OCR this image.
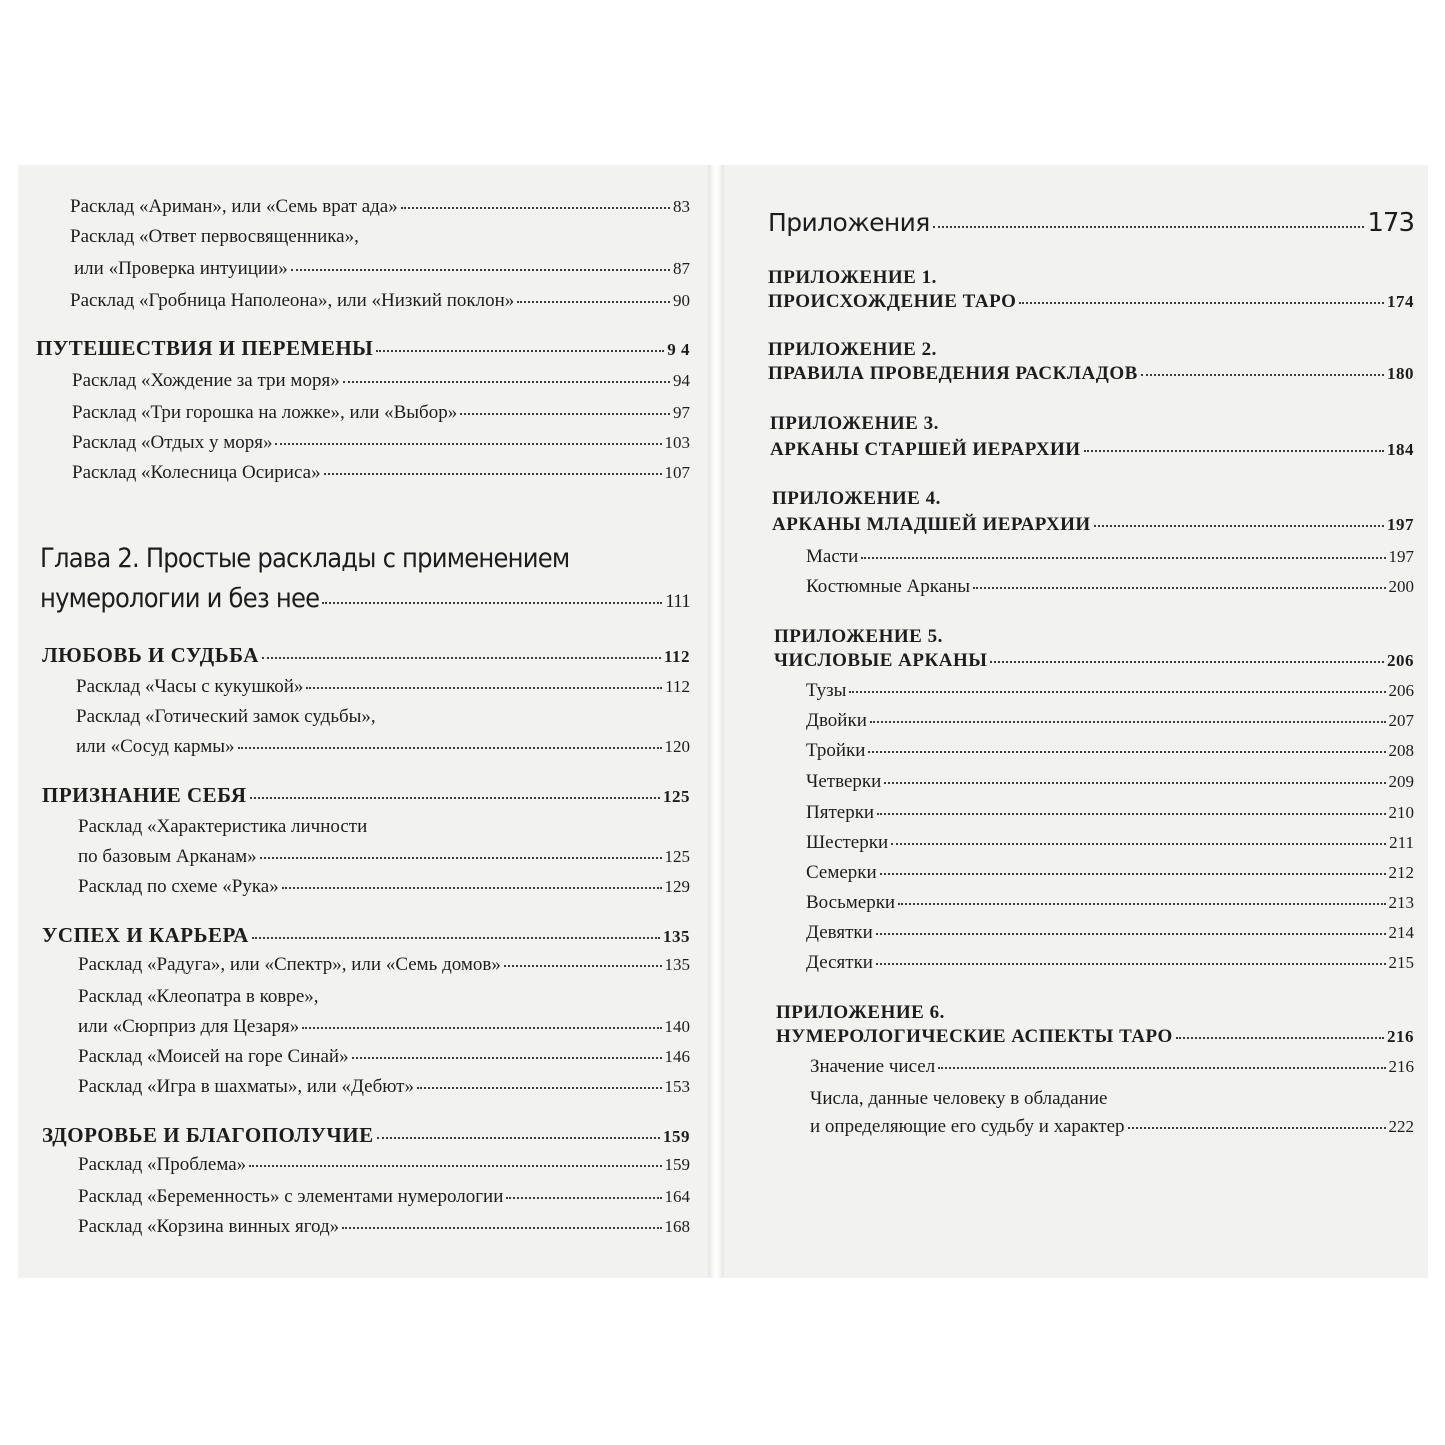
Расклад «Ариман», или «Семь врат ада»	83
Расклад «Ответ первосвященника»,
или «Проверка интуиции»	87
Расклад «Гробница Наполеона», или «Низкий поклон»	90
ПУТЕШЕСТВИЯ И ПЕРЕМЕНЫ	9 4
Расклад «Хождение за три моря»	94
Расклад «Три горошка на ложке», или «Выбор»	97
Расклад «Отдых у моря»	103
Расклад «Колесница Осириса»	107
Глава 2. Простые расклады с применением
нумерологии и без нее	111
ЛЮБОВЬ И СУДЬБА	112
Расклад «Часы с кукушкой»	112
Расклад «Готический замок судьбы»,
или «Сосуд кармы»	120
ПРИЗНАНИЕ СЕБЯ	125
Расклад «Характеристика личности
по базовым Арканам»	125
Расклад по схеме «Рука»	129
УСПЕХ И КАРЬЕРА	135
Расклад «Радуга», или «Спектр», или «Семь домов»	135
Расклад «Клеопатра в ковре»,
или «Сюрприз для Цезаря»	140
Расклад «Моисей на горе Синай»	146
Расклад «Игра в шахматы», или «Дебют»	153
ЗДОРОВЬЕ И БЛАГОПОЛУЧИЕ	159
Расклад «Проблема»	159
Расклад «Беременность» с элементами нумерологии	164
Расклад «Корзина винных ягод»	168
Приложения	173
ПРИЛОЖЕНИЕ 1.
ПРОИСХОЖДЕНИЕ ТАРО	174
ПРИЛОЖЕНИЕ 2.
ПРАВИЛА ПРОВЕДЕНИЯ РАСКЛАДОВ	180
ПРИЛОЖЕНИЕ 3.
АРКАНЫ СТАРШЕЙ ИЕРАРХИИ	184
ПРИЛОЖЕНИЕ 4.
АРКАНЫ МЛАДШЕЙ ИЕРАРХИИ	197
Масти	197
Костюмные Арканы	200
ПРИЛОЖЕНИЕ 5.
ЧИСЛОВЫЕ АРКАНЫ	206
Тузы	206
Двойки	207
Тройки	208
Четверки	209
Пятерки	210
Шестерки	211
Семерки	212
Восьмерки	213
Девятки	214
Десятки	215
ПРИЛОЖЕНИЕ 6.
НУМЕРОЛОГИЧЕСКИЕ АСПЕКТЫ ТАРО	216
Значение чисел	216
Числа, данные человеку в обладание
и определяющие его судьбу и характер	222
